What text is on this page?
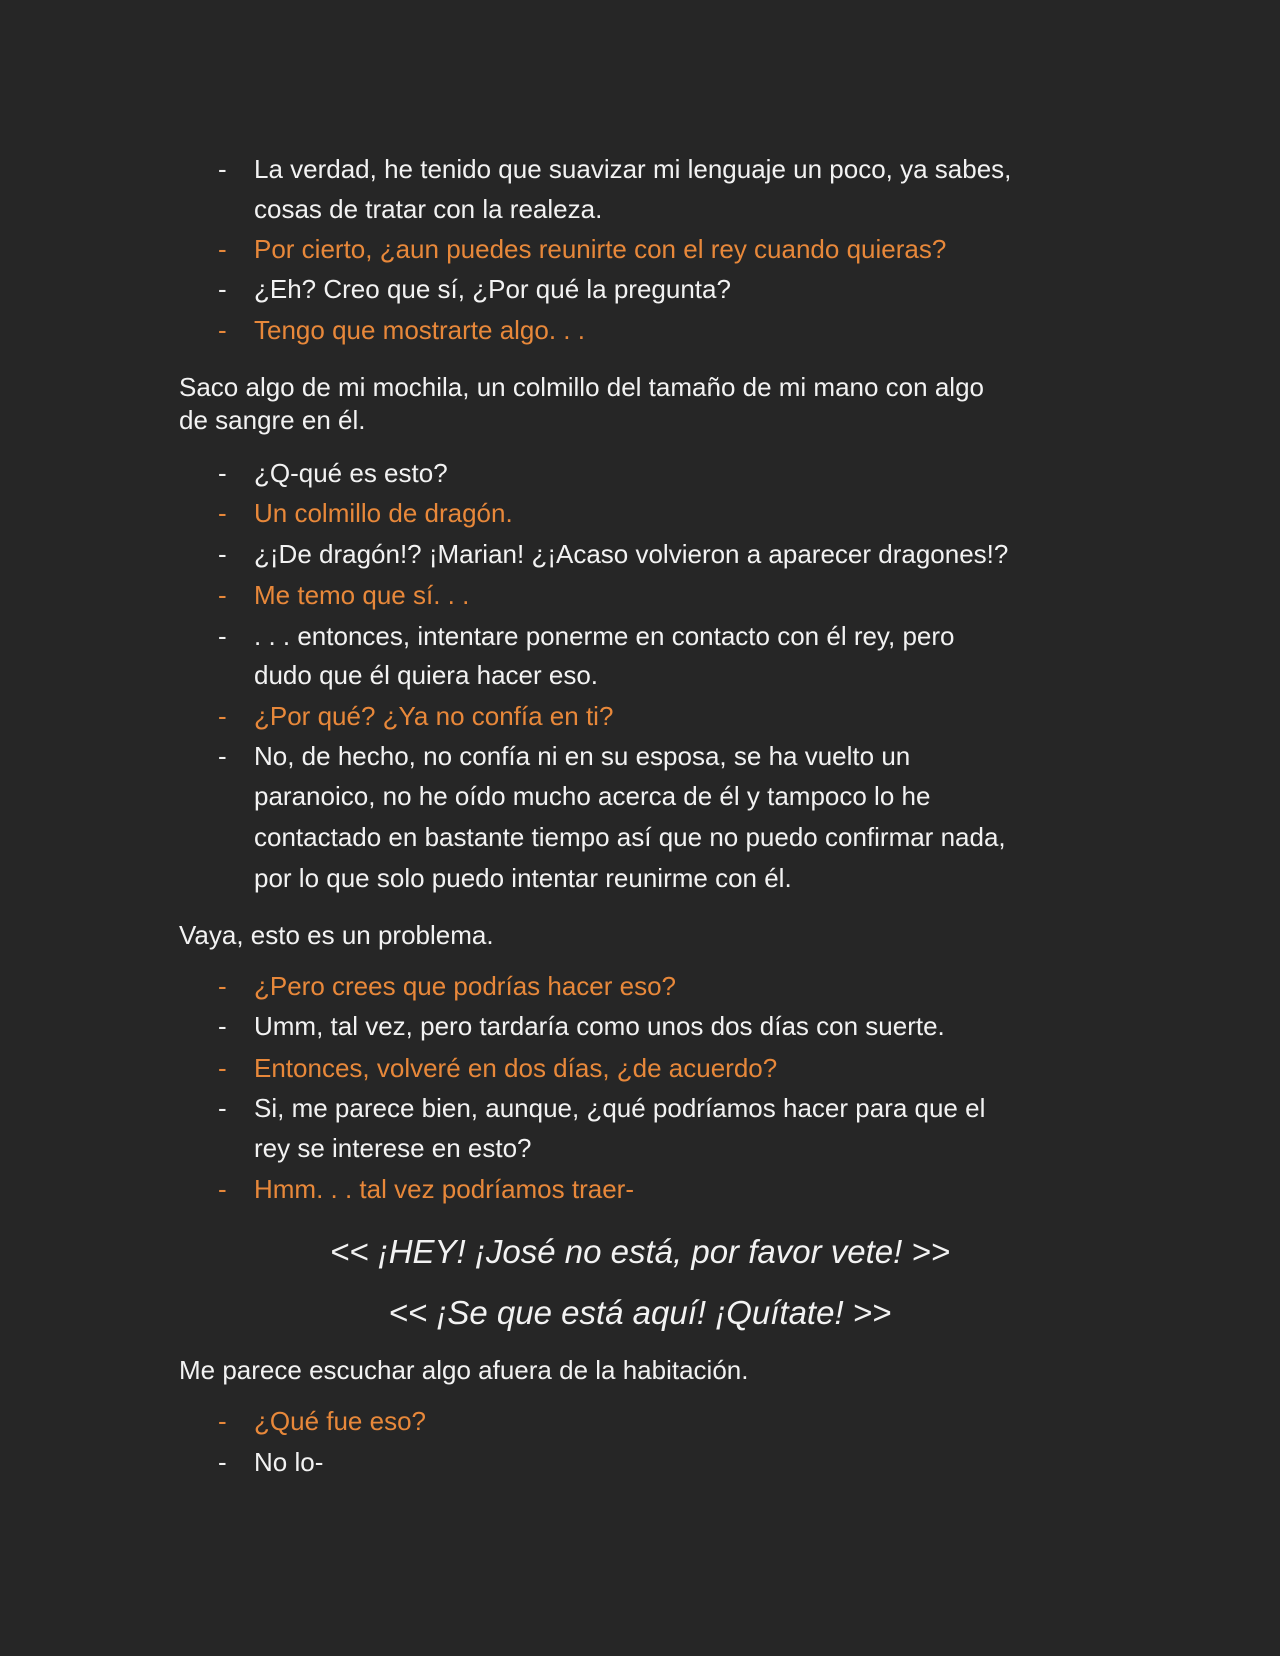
- La verdad, he tenido que suavizar mi lenguaje un poco, ya sabes,
cosas de tratar con la realeza.
- Por cierto, ¿aun puedes reunirte con el rey cuando quieras?
- ¿Eh? Creo que sí, ¿Por qué la pregunta?
- Tengo que mostrarte algo. . .
Saco algo de mi mochila, un colmillo del tamaño de mi mano con algo
de sangre en él.
- ¿Q-qué es esto?
- Un colmillo de dragón.
- ¿¡De dragón!? ¡Marian! ¿¡Acaso volvieron a aparecer dragones!?
- Me temo que sí. . .
- . . . entonces, intentare ponerme en contacto con él rey, pero
dudo que él quiera hacer eso.
- ¿Por qué? ¿Ya no confía en ti?
- No, de hecho, no confía ni en su esposa, se ha vuelto un
paranoico, no he oído mucho acerca de él y tampoco lo he
contactado en bastante tiempo así que no puedo confirmar nada,
por lo que solo puedo intentar reunirme con él.
Vaya, esto es un problema.
- ¿Pero crees que podrías hacer eso?
- Umm, tal vez, pero tardaría como unos dos días con suerte.
- Entonces, volveré en dos días, ¿de acuerdo?
- Si, me parece bien, aunque, ¿qué podríamos hacer para que el
rey se interese en esto?
- Hmm. . . tal vez podríamos traer-
<< ¡HEY! ¡José no está, por favor vete! >>
<< ¡Se que está aquí! ¡Quítate! >>
Me parece escuchar algo afuera de la habitación.
- ¿Qué fue eso?
- No lo-
